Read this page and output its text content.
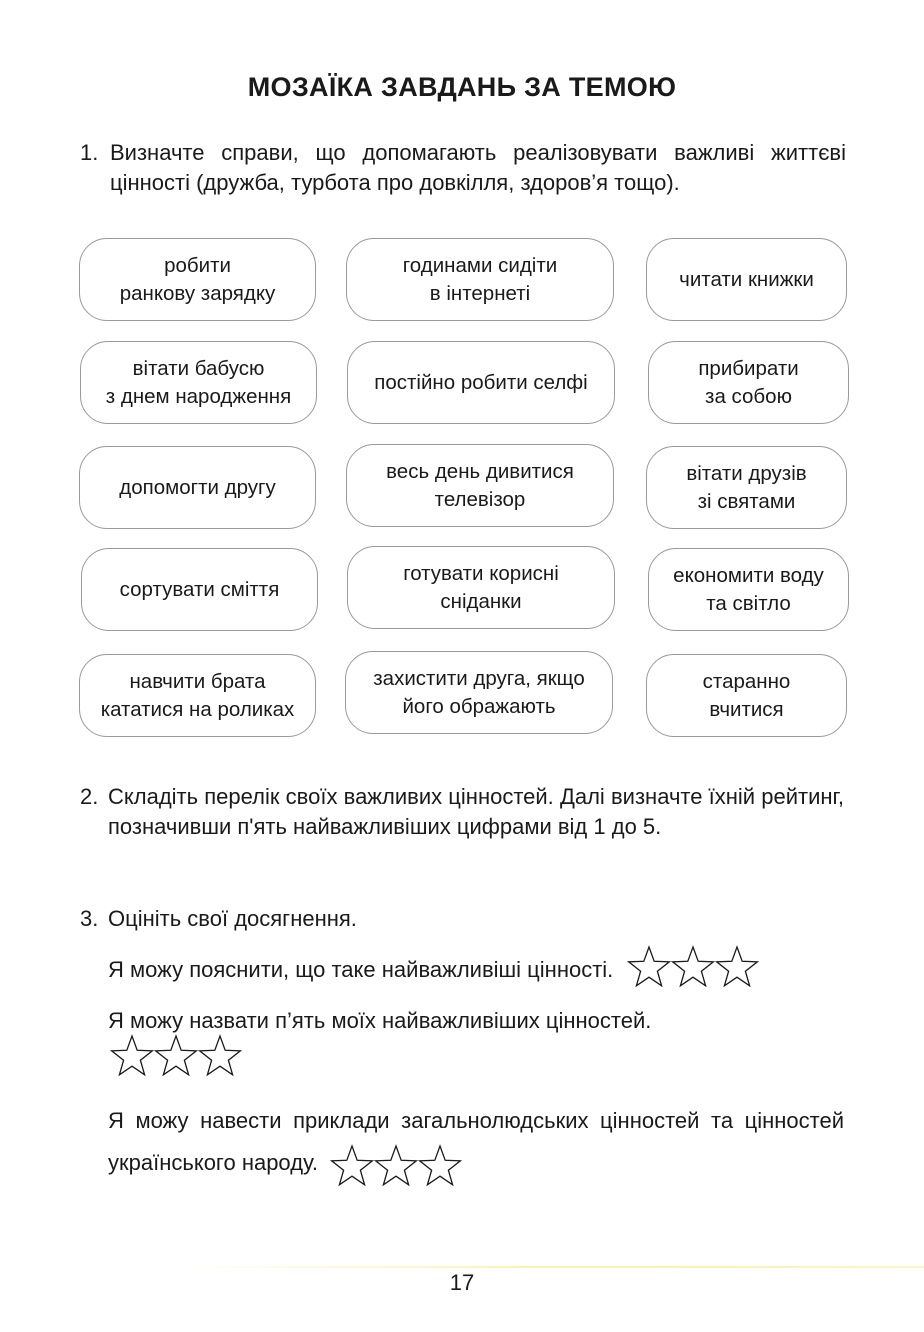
МОЗАЇКА ЗАВДАНЬ ЗА ТЕМОЮ
1. Визначте справи, що допомагають реалізовувати важливі життєві цінності (дружба, турбота про довкілля, здоров’я тощо).
робити
ранкову зарядку
годинами сидіти
в інтернеті
читати книжки
вітати бабусю
з днем народження
постійно робити селфі
прибирати
за собою
допомогти другу
весь день дивитися
телевізор
вітати друзів
зі святами
сортувати сміття
готувати корисні
сніданки
економити воду
та світло
навчити брата
кататися на роликах
захистити друга, якщо
його ображають
старанно
вчитися
2. Складіть перелік своїх важливих цінностей. Далі визначте їхній рейтинг, позначивши п'ять найважливіших цифрами від 1 до 5.
3. Оцініть свої досягнення.
Я можу пояснити, що таке найважливіші цінності.
Я можу назвати п’ять моїх найважливіших цінностей.
Я можу навести приклади загальнолюдських цінностей та цінностей українського народу.
17
